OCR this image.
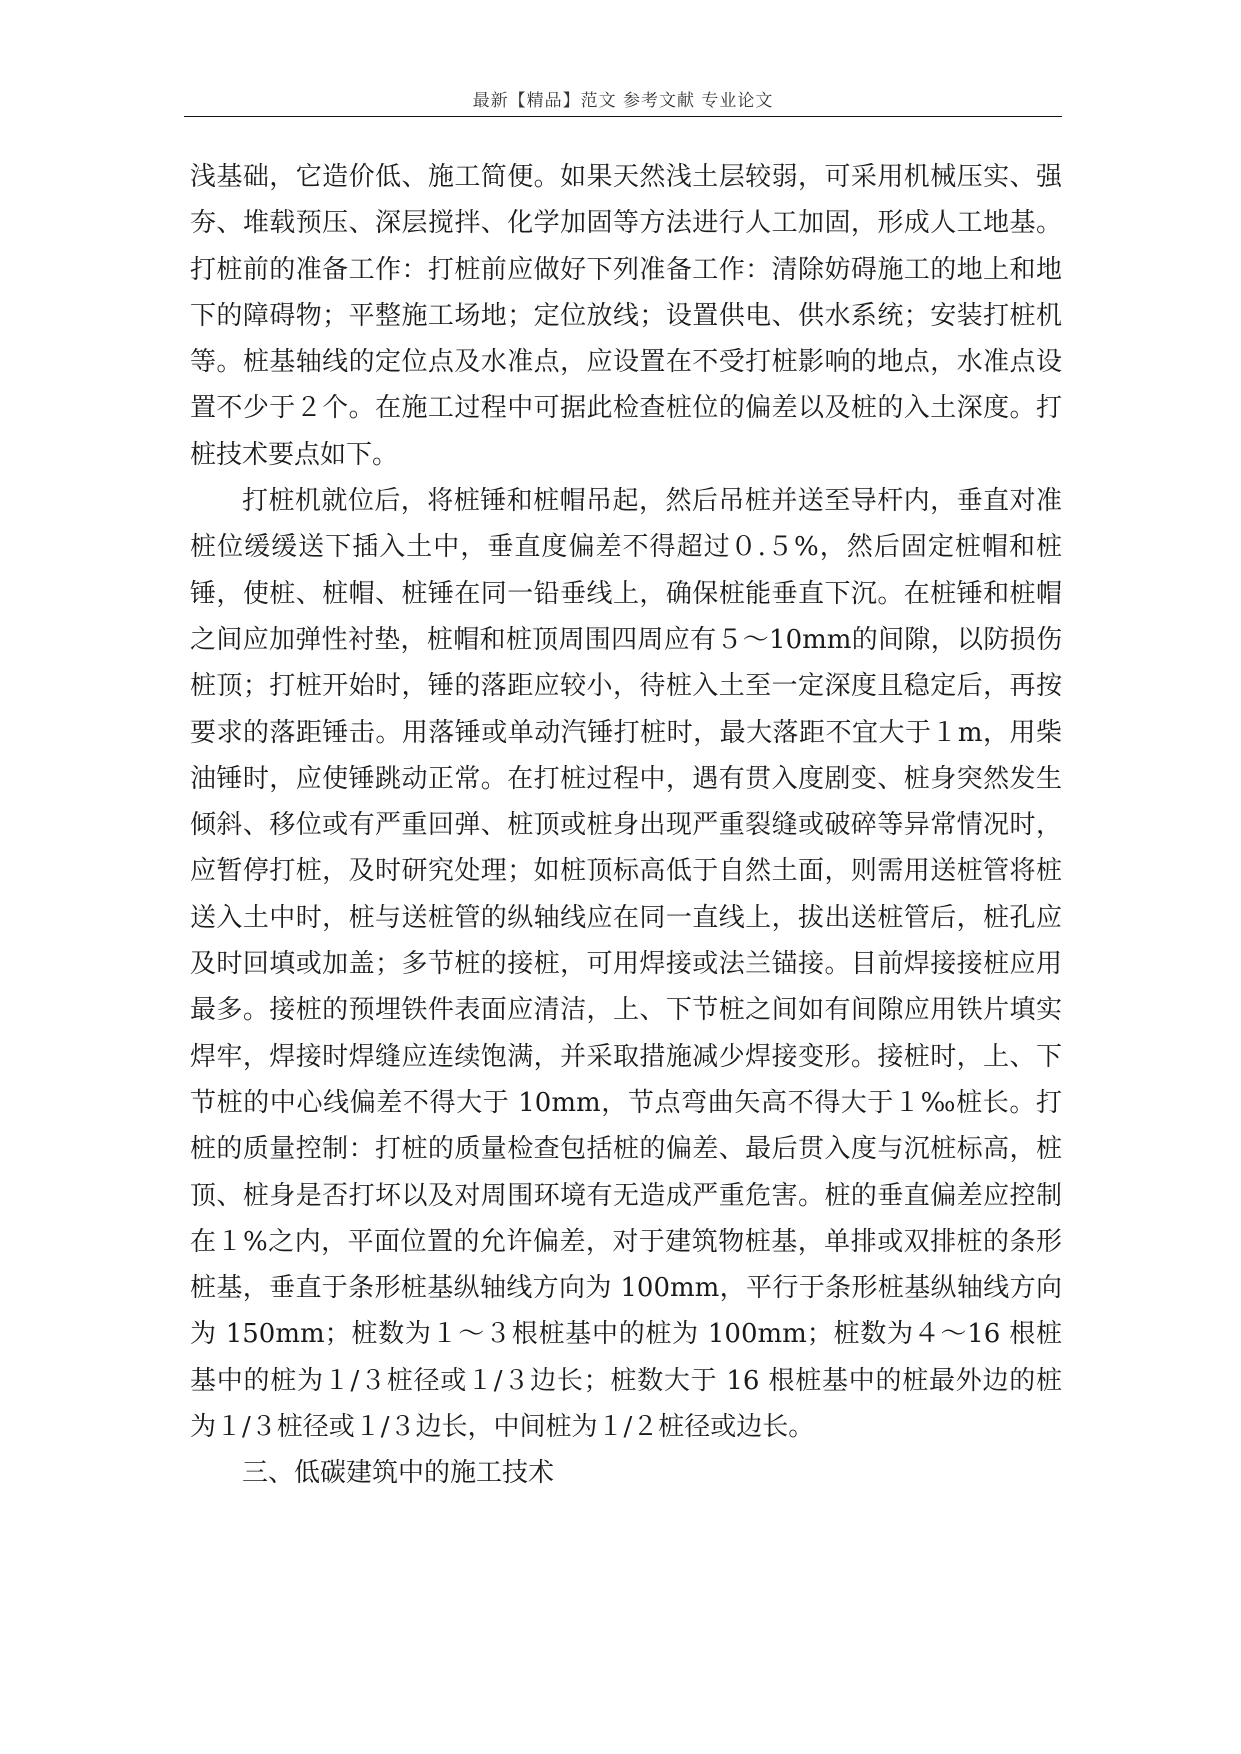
最新【精品】范文 参考文献 专业论文

浅基础，它造价低、施工简便。如果天然浅土层较弱，可采用机械压实、强夯、堆载预压、深层搅拌、化学加固等方法进行人工加固，形成人工地基。打桩前的准备工作：打桩前应做好下列准备工作：清除妨碍施工的地上和地下的障碍物；平整施工场地；定位放线；设置供电、供水系统；安装打桩机等。桩基轴线的定位点及水准点，应设置在不受打桩影响的地点，水准点设置不少于２个。在施工过程中可据此检查桩位的偏差以及桩的入土深度。打桩技术要点如下。

打桩机就位后，将桩锤和桩帽吊起，然后吊桩并送至导杆内，垂直对准桩位缓缓送下插入土中，垂直度偏差不得超过０.５%，然后固定桩帽和桩锤，使桩、桩帽、桩锤在同一铅垂线上，确保桩能垂直下沉。在桩锤和桩帽之间应加弹性衬垫，桩帽和桩顶周围四周应有５～10mm的间隙，以防损伤桩顶；打桩开始时，锤的落距应较小，待桩入土至一定深度且稳定后，再按要求的落距锤击。用落锤或单动汽锤打桩时，最大落距不宜大于１m，用柴油锤时，应使锤跳动正常。在打桩过程中，遇有贯入度剧变、桩身突然发生倾斜、移位或有严重回弹、桩顶或桩身出现严重裂缝或破碎等异常情况时，应暂停打桩，及时研究处理；如桩顶标高低于自然土面，则需用送桩管将桩送入土中时，桩与送桩管的纵轴线应在同一直线上，拔出送桩管后，桩孔应及时回填或加盖；多节桩的接桩，可用焊接或法兰锚接。目前焊接接桩应用最多。接桩的预埋铁件表面应清洁，上、下节桩之间如有间隙应用铁片填实焊牢，焊接时焊缝应连续饱满，并采取措施减少焊接变形。接桩时，上、下节桩的中心线偏差不得大于 10mm，节点弯曲矢高不得大于１‰桩长。打桩的质量控制：打桩的质量检查包括桩的偏差、最后贯入度与沉桩标高，桩顶、桩身是否打坏以及对周围环境有无造成严重危害。桩的垂直偏差应控制在１%之内，平面位置的允许偏差，对于建筑物桩基，单排或双排桩的条形桩基，垂直于条形桩基纵轴线方向为 100mm，平行于条形桩基纵轴线方向为 150mm；桩数为１～３根桩基中的桩为 100mm；桩数为４～16 根桩基中的桩为１/３桩径或１/３边长；桩数大于 16 根桩基中的桩最外边的桩为１/３桩径或１/３边长，中间桩为１/２桩径或边长。

三、低碳建筑中的施工技术
